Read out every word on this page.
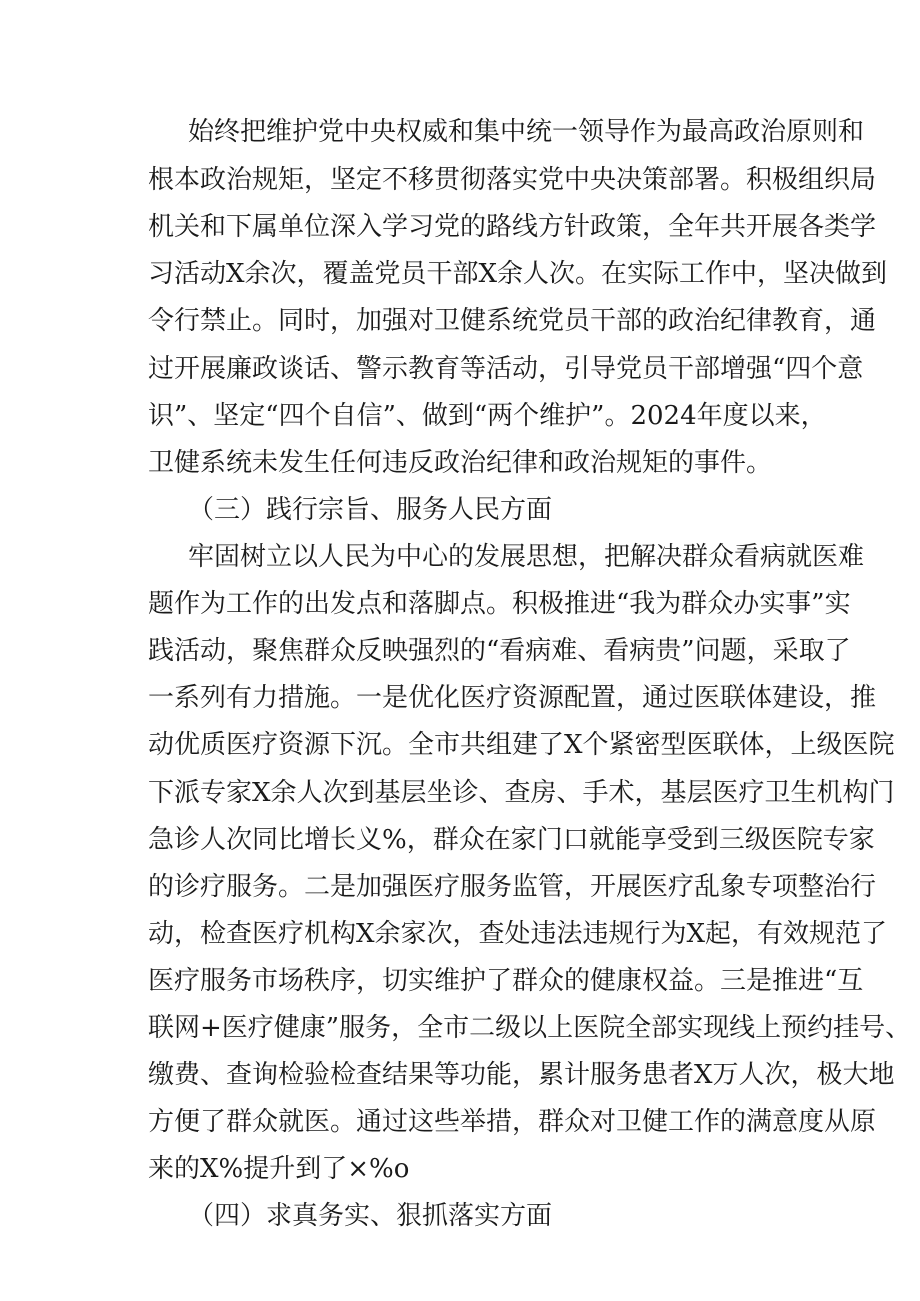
始终把维护党中央权威和集中统一领导作为最高政治原则和
根本政治规矩，坚定不移贯彻落实党中央决策部署。积极组织局
机关和下属单位深入学习党的路线方针政策，全年共开展各类学
习活动X余次，覆盖党员干部X余人次。在实际工作中，坚决做到
令行禁止。同时，加强对卫健系统党员干部的政治纪律教育，通
过开展廉政谈话、警示教育等活动，引导党员干部增强“四个意
识”、坚定“四个自信”、做到“两个维护”。2024年度以来，
卫健系统未发生任何违反政治纪律和政治规矩的事件。
（三）践行宗旨、服务人民方面
牢固树立以人民为中心的发展思想，把解决群众看病就医难
题作为工作的出发点和落脚点。积极推进“我为群众办实事”实
践活动，聚焦群众反映强烈的“看病难、看病贵”问题，采取了
一系列有力措施。一是优化医疗资源配置，通过医联体建设，推
动优质医疗资源下沉。全市共组建了X个紧密型医联体，上级医院
下派专家X余人次到基层坐诊、查房、手术，基层医疗卫生机构门
急诊人次同比增长义%，群众在家门口就能享受到三级医院专家
的诊疗服务。二是加强医疗服务监管，开展医疗乱象专项整治行
动，检查医疗机构X余家次，查处违法违规行为X起，有效规范了
医疗服务市场秩序，切实维护了群众的健康权益。三是推进“互
联网+医疗健康”服务，全市二级以上医院全部实现线上预约挂号、
缴费、查询检验检查结果等功能，累计服务患者X万人次，极大地
方便了群众就医。通过这些举措，群众对卫健工作的满意度从原
来的X%提升到了×%o
（四）求真务实、狠抓落实方面
